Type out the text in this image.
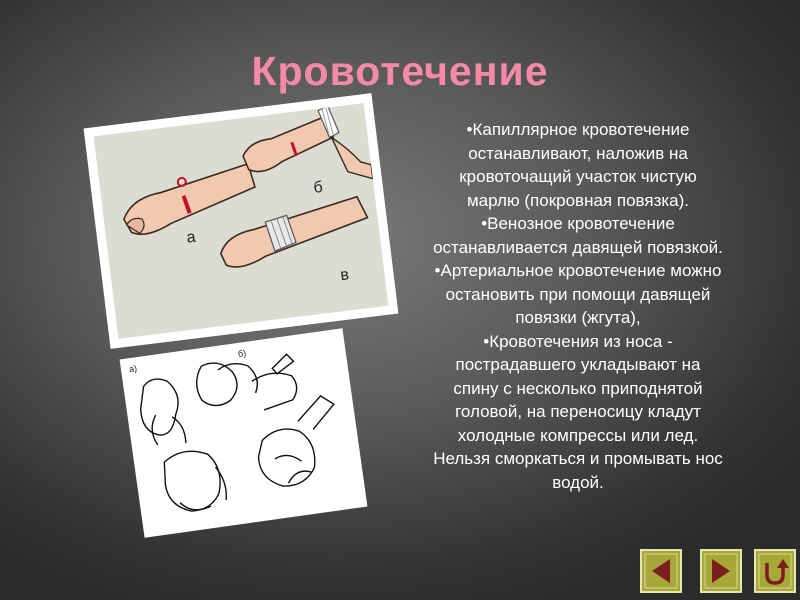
Кровотечение
а
б
в
а)
б)

•Капиллярное кровотечение
останавливают, наложив на
кровоточащий участок чистую
марлю (покровная повязка).

•Венозное кровотечение
останавливается давящей повязкой.

•Артериальное кровотечение можно
остановить при помощи давящей
повязки (жгута),

•Кровотечения из носа -
пострадавшего укладывают на
спину с несколько приподнятой
головой, на переносицу кладут
холодные компрессы или лед.
Нельзя сморкаться и промывать нос
водой.
